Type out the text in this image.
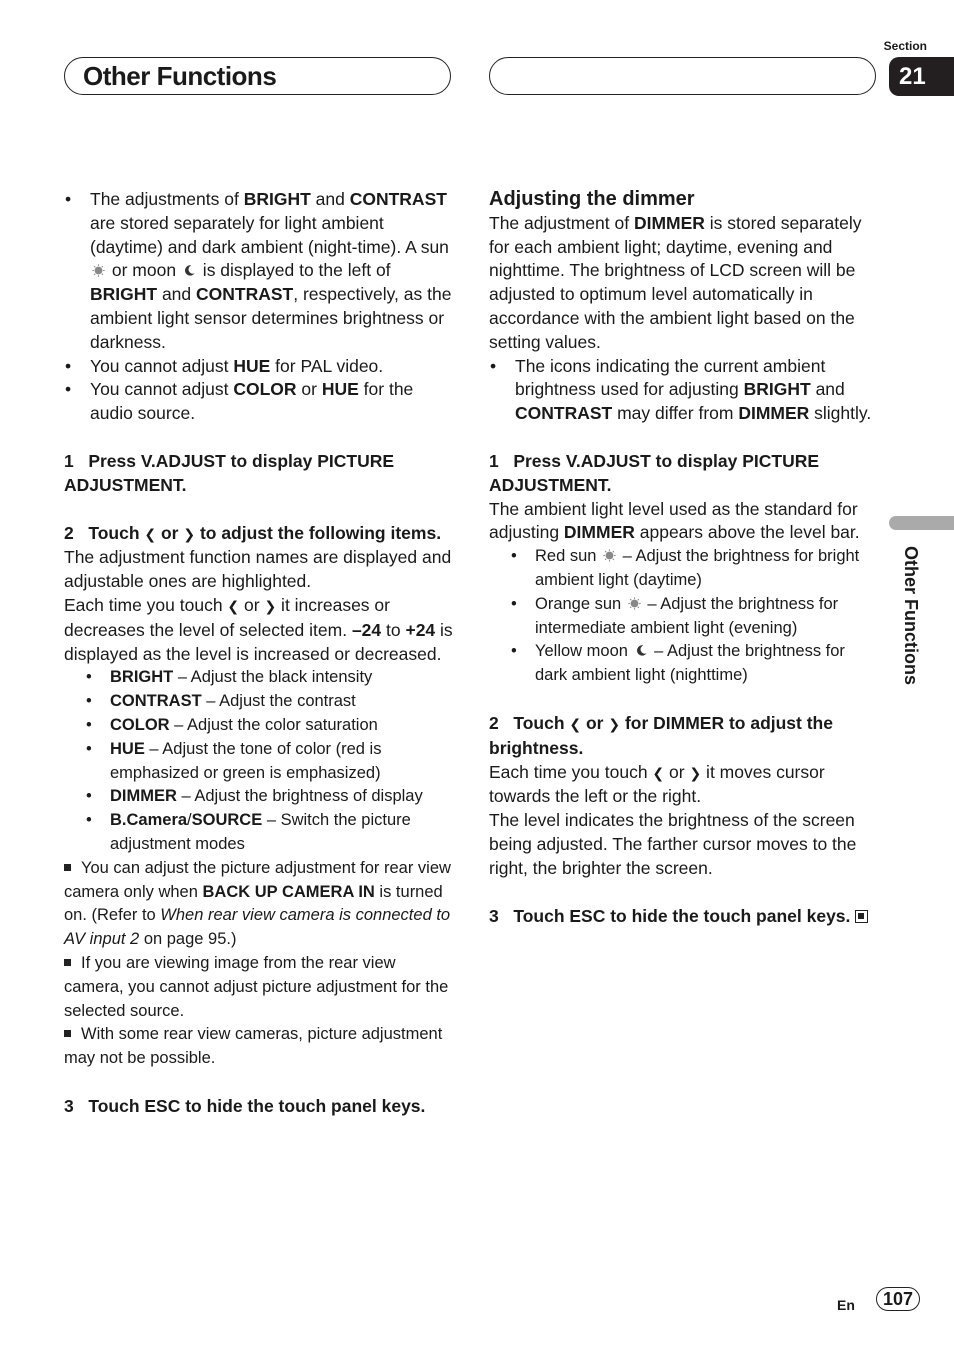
Other Functions
Section
21
Other Functions
• The adjustments of BRIGHT and CONTRAST are stored separately for light ambient (daytime) and dark ambient (night-time). A sun  or moon  is displayed to the left of BRIGHT and CONTRAST, respectively, as the ambient light sensor determines brightness or darkness.
• You cannot adjust HUE for PAL video.
• You cannot adjust COLOR or HUE for the audio source.

1   Press V.ADJUST to display PICTURE ADJUSTMENT.

2   Touch ❮ or ❯ to adjust the following items.

The adjustment function names are displayed and adjustable ones are highlighted.

Each time you touch ❮ or ❯ it increases or decreases the level of selected item. –24 to +24 is displayed as the level is increased or decreased.

• BRIGHT – Adjust the black intensity
• CONTRAST – Adjust the contrast
• COLOR – Adjust the color saturation
• HUE – Adjust the tone of color (red is emphasized or green is emphasized)
• DIMMER – Adjust the brightness of display
• B.Camera/SOURCE – Switch the picture adjustment modes
You can adjust the picture adjustment for rear view camera only when BACK UP CAMERA IN is turned on. (Refer to When rear view camera is connected to AV input 2 on page 95.)
If you are viewing image from the rear view camera, you cannot adjust picture adjustment for the selected source.
With some rear view cameras, picture adjustment may not be possible.

3   Touch ESC to hide the touch panel keys.

Adjusting the dimmer

The adjustment of DIMMER is stored separately for each ambient light; daytime, evening and nighttime. The brightness of LCD screen will be adjusted to optimum level automatically in accordance with the ambient light based on the setting values.

• The icons indicating the current ambient brightness used for adjusting BRIGHT and CONTRAST may differ from DIMMER slightly.

1   Press V.ADJUST to display PICTURE ADJUSTMENT.

The ambient light level used as the standard for adjusting DIMMER appears above the level bar.

• Red sun  – Adjust the brightness for bright ambient light (daytime)
• Orange sun  – Adjust the brightness for intermediate ambient light (evening)
• Yellow moon  – Adjust the brightness for dark ambient light (nighttime)

2   Touch ❮ or ❯ for DIMMER to adjust the brightness.

Each time you touch ❮ or ❯ it moves cursor towards the left or the right.

The level indicates the brightness of the screen being adjusted. The farther cursor moves to the right, the brighter the screen.

3   Touch ESC to hide the touch panel keys.

En	107
